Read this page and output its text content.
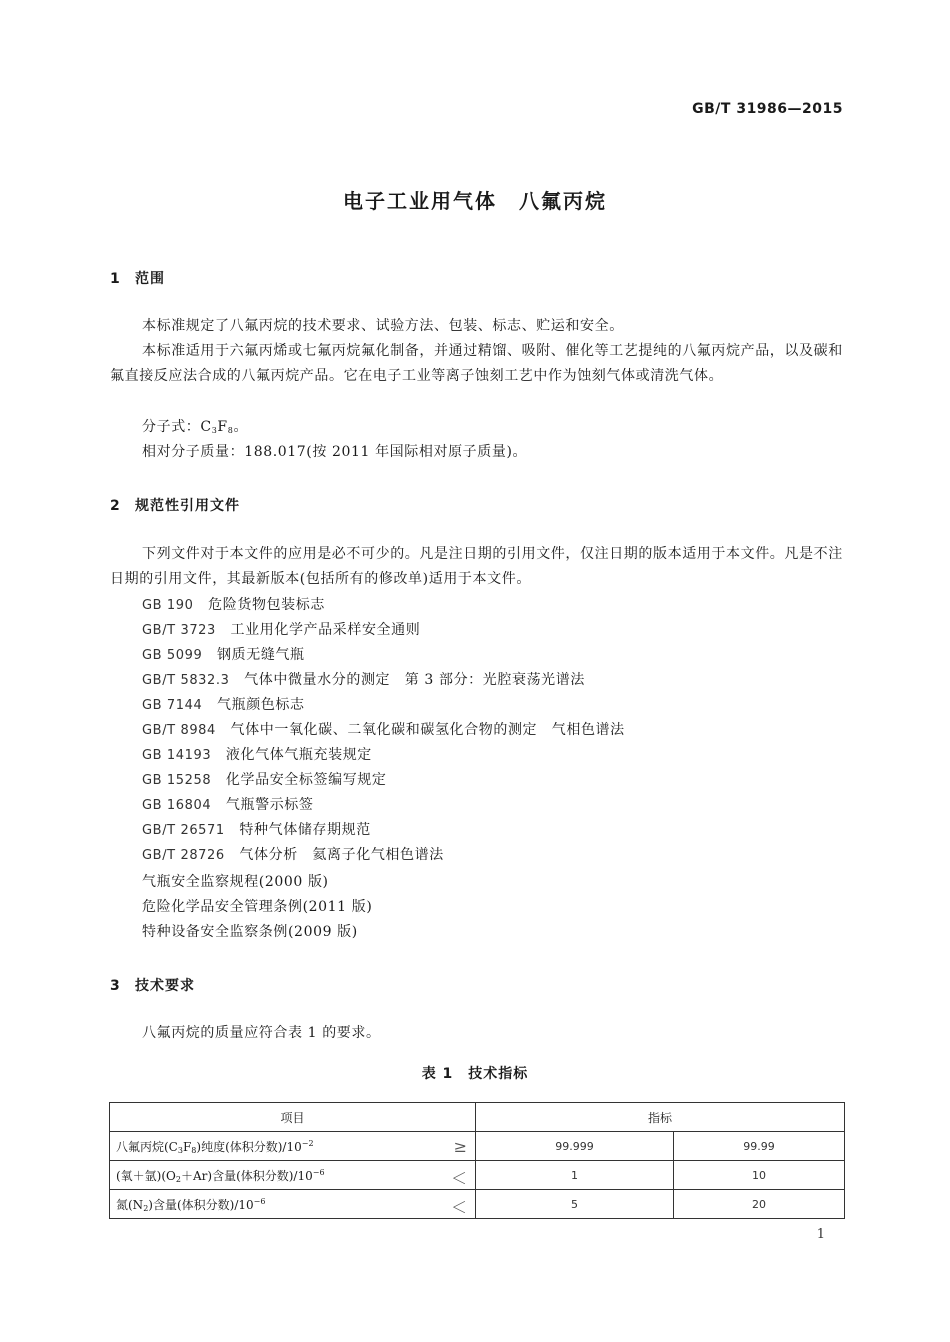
GB/T 31986—2015
电子工业用气体　八氟丙烷
1 范围
本标准规定了八氟丙烷的技术要求、试验方法、包装、标志、贮运和安全。
本标准适用于六氟丙烯或七氟丙烷氟化制备，并通过精馏、吸附、催化等工艺提纯的八氟丙烷产品，以及碳和氟直接反应法合成的八氟丙烷产品。它在电子工业等离子蚀刻工艺中作为蚀刻气体或清洗气体。
分子式：$C_3F_8$。
相对分子质量：188.017(按 2011 年国际相对原子质量)。
2 规范性引用文件
下列文件对于本文件的应用是必不可少的。凡是注日期的引用文件，仅注日期的版本适用于本文件。凡是不注日期的引用文件，其最新版本(包括所有的修改单)适用于本文件。
GB 190　 危险货物包装标志
GB/T 3723　 工业用化学产品采样安全通则
GB 5099　 钢质无缝气瓶
GB/T 5832.3　 气体中微量水分的测定　第 3 部分：光腔衰荡光谱法
GB 7144　 气瓶颜色标志
GB/T 8984　 气体中一氧化碳、二氧化碳和碳氢化合物的测定　气相色谱法
GB 14193　 液化气体气瓶充装规定
GB 15258　 化学品安全标签编写规定
GB 16804　 气瓶警示标签
GB/T 26571　 特种气体储存期规范
GB/T 28726　 气体分析　氦离子化气相色谱法
气瓶安全监察规程(2000 版)
危险化学品安全管理条例(2011 版)
特种设备安全监察条例(2009 版)
3 技术要求
八氟丙烷的质量应符合表 1 的要求。
表 1　技术指标
项目	指标	
八氟丙烷$(C_3F_8)$纯度(体积分数)$/10^{-2}$ ≥	99.999	99.99
(氧＋氩)$(O_2+Ar)$含量(体积分数)$/10^{-6}$ ＜	1	10
氮$(N_2)$含量(体积分数)$/10^{-6}$ ＜	5	20
1
